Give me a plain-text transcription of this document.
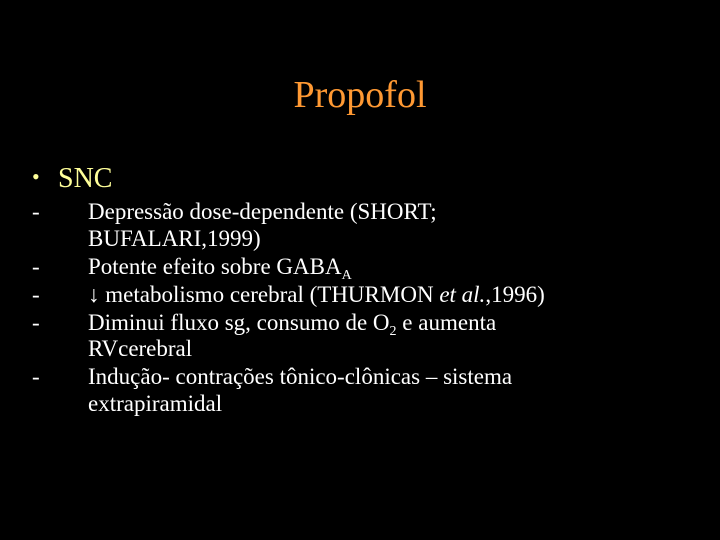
Propofol
• SNC
-	Depressão dose-dependente (SHORT;
BUFALARI,1999)
-	Potente efeito sobre $GABA_A$
-	↓ metabolismo cerebral (THURMON et al.,1996)
-	Diminui fluxo sg, consumo de $O_2$ e aumenta
RVcerebral
-	Indução- contrações tônico-clônicas – sistema
extrapiramidal
